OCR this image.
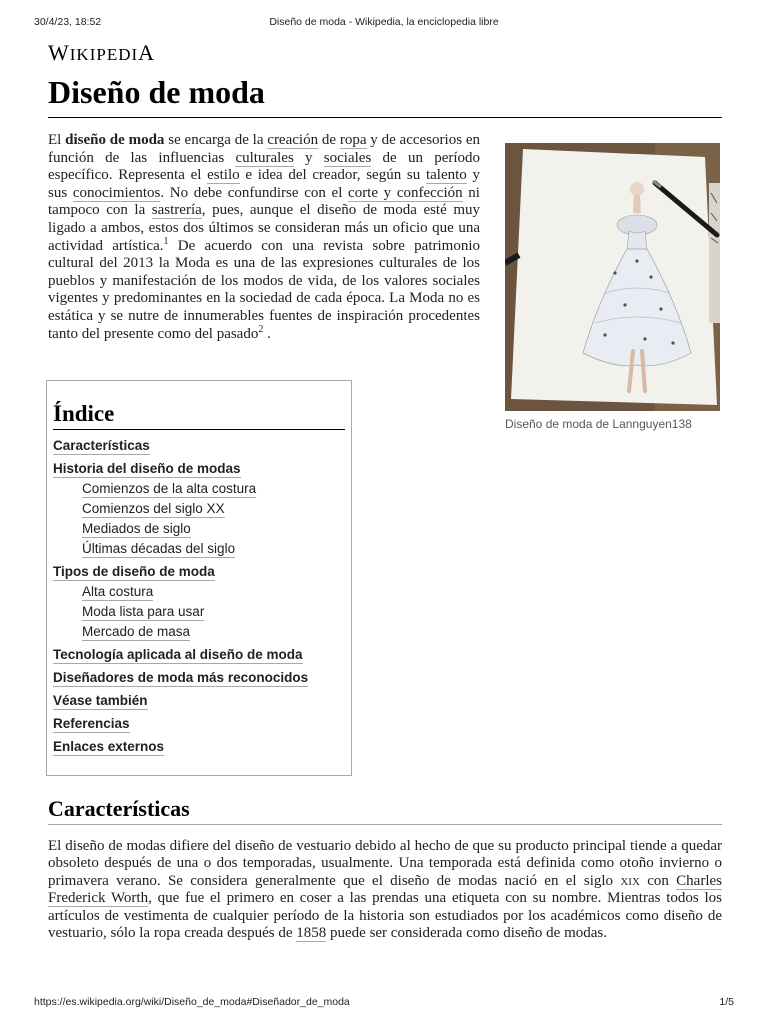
30/4/23, 18:52	Diseño de moda - Wikipedia, la enciclopedia libre
WIKIPEDIA
Diseño de moda

El diseño de moda se encarga de la creación de ropa y de accesorios en función de las influencias culturales y sociales de un período específico. Representa el estilo e idea del creador, según su talento y sus conocimientos. No debe confundirse con el corte y confección ni tampoco con la sastrería, pues, aunque el diseño de moda esté muy ligado a ambos, estos dos últimos se consideran más un oficio que una actividad artística.$^1$ De acuerdo con una revista sobre patrimonio cultural del 2013 la Moda es una de las expresiones culturales de los pueblos y manifestación de los modos de vida, de los valores sociales vigentes y predominantes en la sociedad de cada época. La Moda no es estática y se nutre de innumerables fuentes de inspiración procedentes tanto del presente como del pasado$^2$ .

Diseño de moda de Lannguyen138
Índice
Características
Historia del diseño de modas
Comienzos de la alta costura
Comienzos del siglo XX
Mediados de siglo
Últimas décadas del siglo
Tipos de diseño de moda
Alta costura
Moda lista para usar
Mercado de masa
Tecnología aplicada al diseño de moda
Diseñadores de moda más reconocidos
Véase también
Referencias
Enlaces externos
Características

El diseño de modas difiere del diseño de vestuario debido al hecho de que su producto principal tiende a quedar obsoleto después de una o dos temporadas, usualmente. Una temporada está definida como otoño invierno o primavera verano. Se considera generalmente que el diseño de modas nació en el siglo xix con Charles Frederick Worth, que fue el primero en coser a las prendas una etiqueta con su nombre. Mientras todos los artículos de vestimenta de cualquier período de la historia son estudiados por los académicos como diseño de vestuario, sólo la ropa creada después de 1858 puede ser considerada como diseño de modas.

https://es.wikipedia.org/wiki/Diseño_de_moda#Diseñador_de_moda	1/5
